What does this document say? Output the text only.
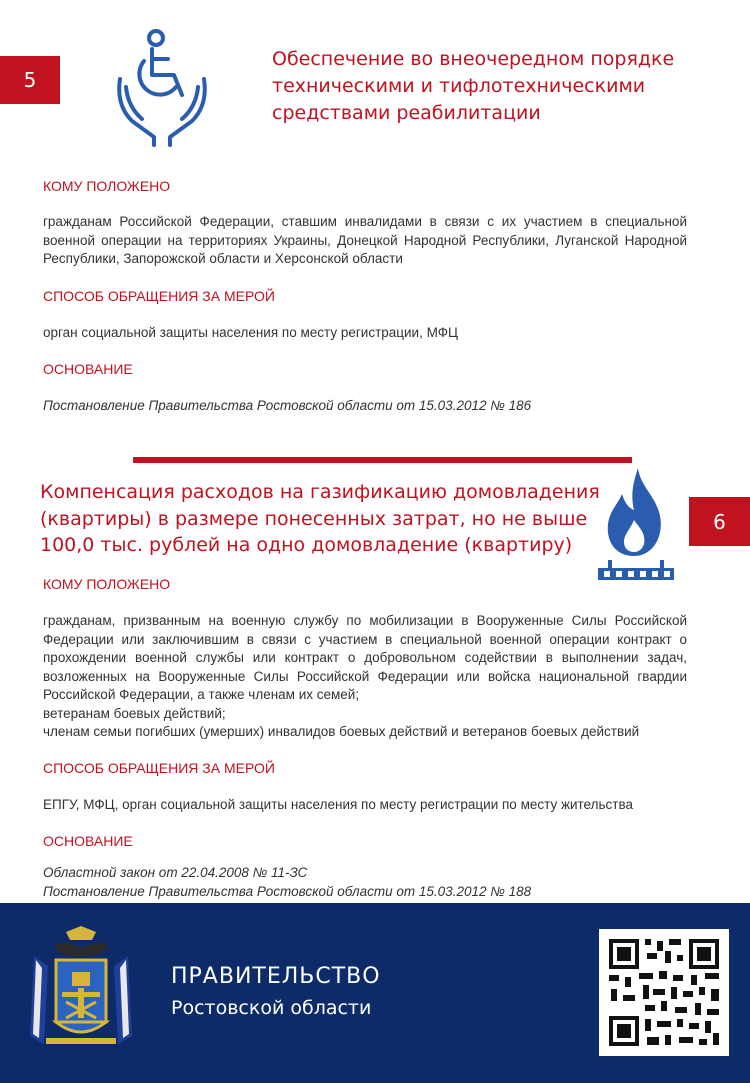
5
Обеспечение во внеочередном порядке
техническими и тифлотехническими
средствами реабилитации

КОМУ ПОЛОЖЕНО

гражданам Российской Федерации, ставшим инвалидами в связи с их участием в специальной военной операции на территориях Украины, Донецкой Народной Республики, Луганской Народной Республики, Запорожской области и Херсонской области

СПОСОБ ОБРАЩЕНИЯ ЗА МЕРОЙ

орган социальной защиты населения по месту регистрации, МФЦ

ОСНОВАНИЕ

Постановление Правительства Ростовской области от 15.03.2012 № 186

Компенсация расходов на газификацию домовладения
(квартиры) в размере понесенных затрат, но не выше
100,0 тыс. рублей на одно домовладение (квартиру)
6

КОМУ ПОЛОЖЕНО

гражданам, призванным на военную службу по мобилизации в Вооруженные Силы Российской Федерации или заключившим в связи с участием в специальной военной операции контракт о прохождении военной службы или контракт о добровольном содействии в выполнении задач, возложенных на Вооруженные Силы Российской Федерации или войска национальной гвардии Российской Федерации, а также членам их семей;
ветеранам боевых действий;
членам семьи погибших (умерших) инвалидов боевых действий и ветеранов боевых действий

СПОСОБ ОБРАЩЕНИЯ ЗА МЕРОЙ

ЕПГУ, МФЦ, орган социальной защиты населения по месту регистрации по месту жительства

ОСНОВАНИЕ

Областной закон от 22.04.2008 № 11-ЗС
Постановление Правительства Ростовской области от 15.03.2012 № 188

ПРАВИТЕЛЬСТВО

Ростовской области
